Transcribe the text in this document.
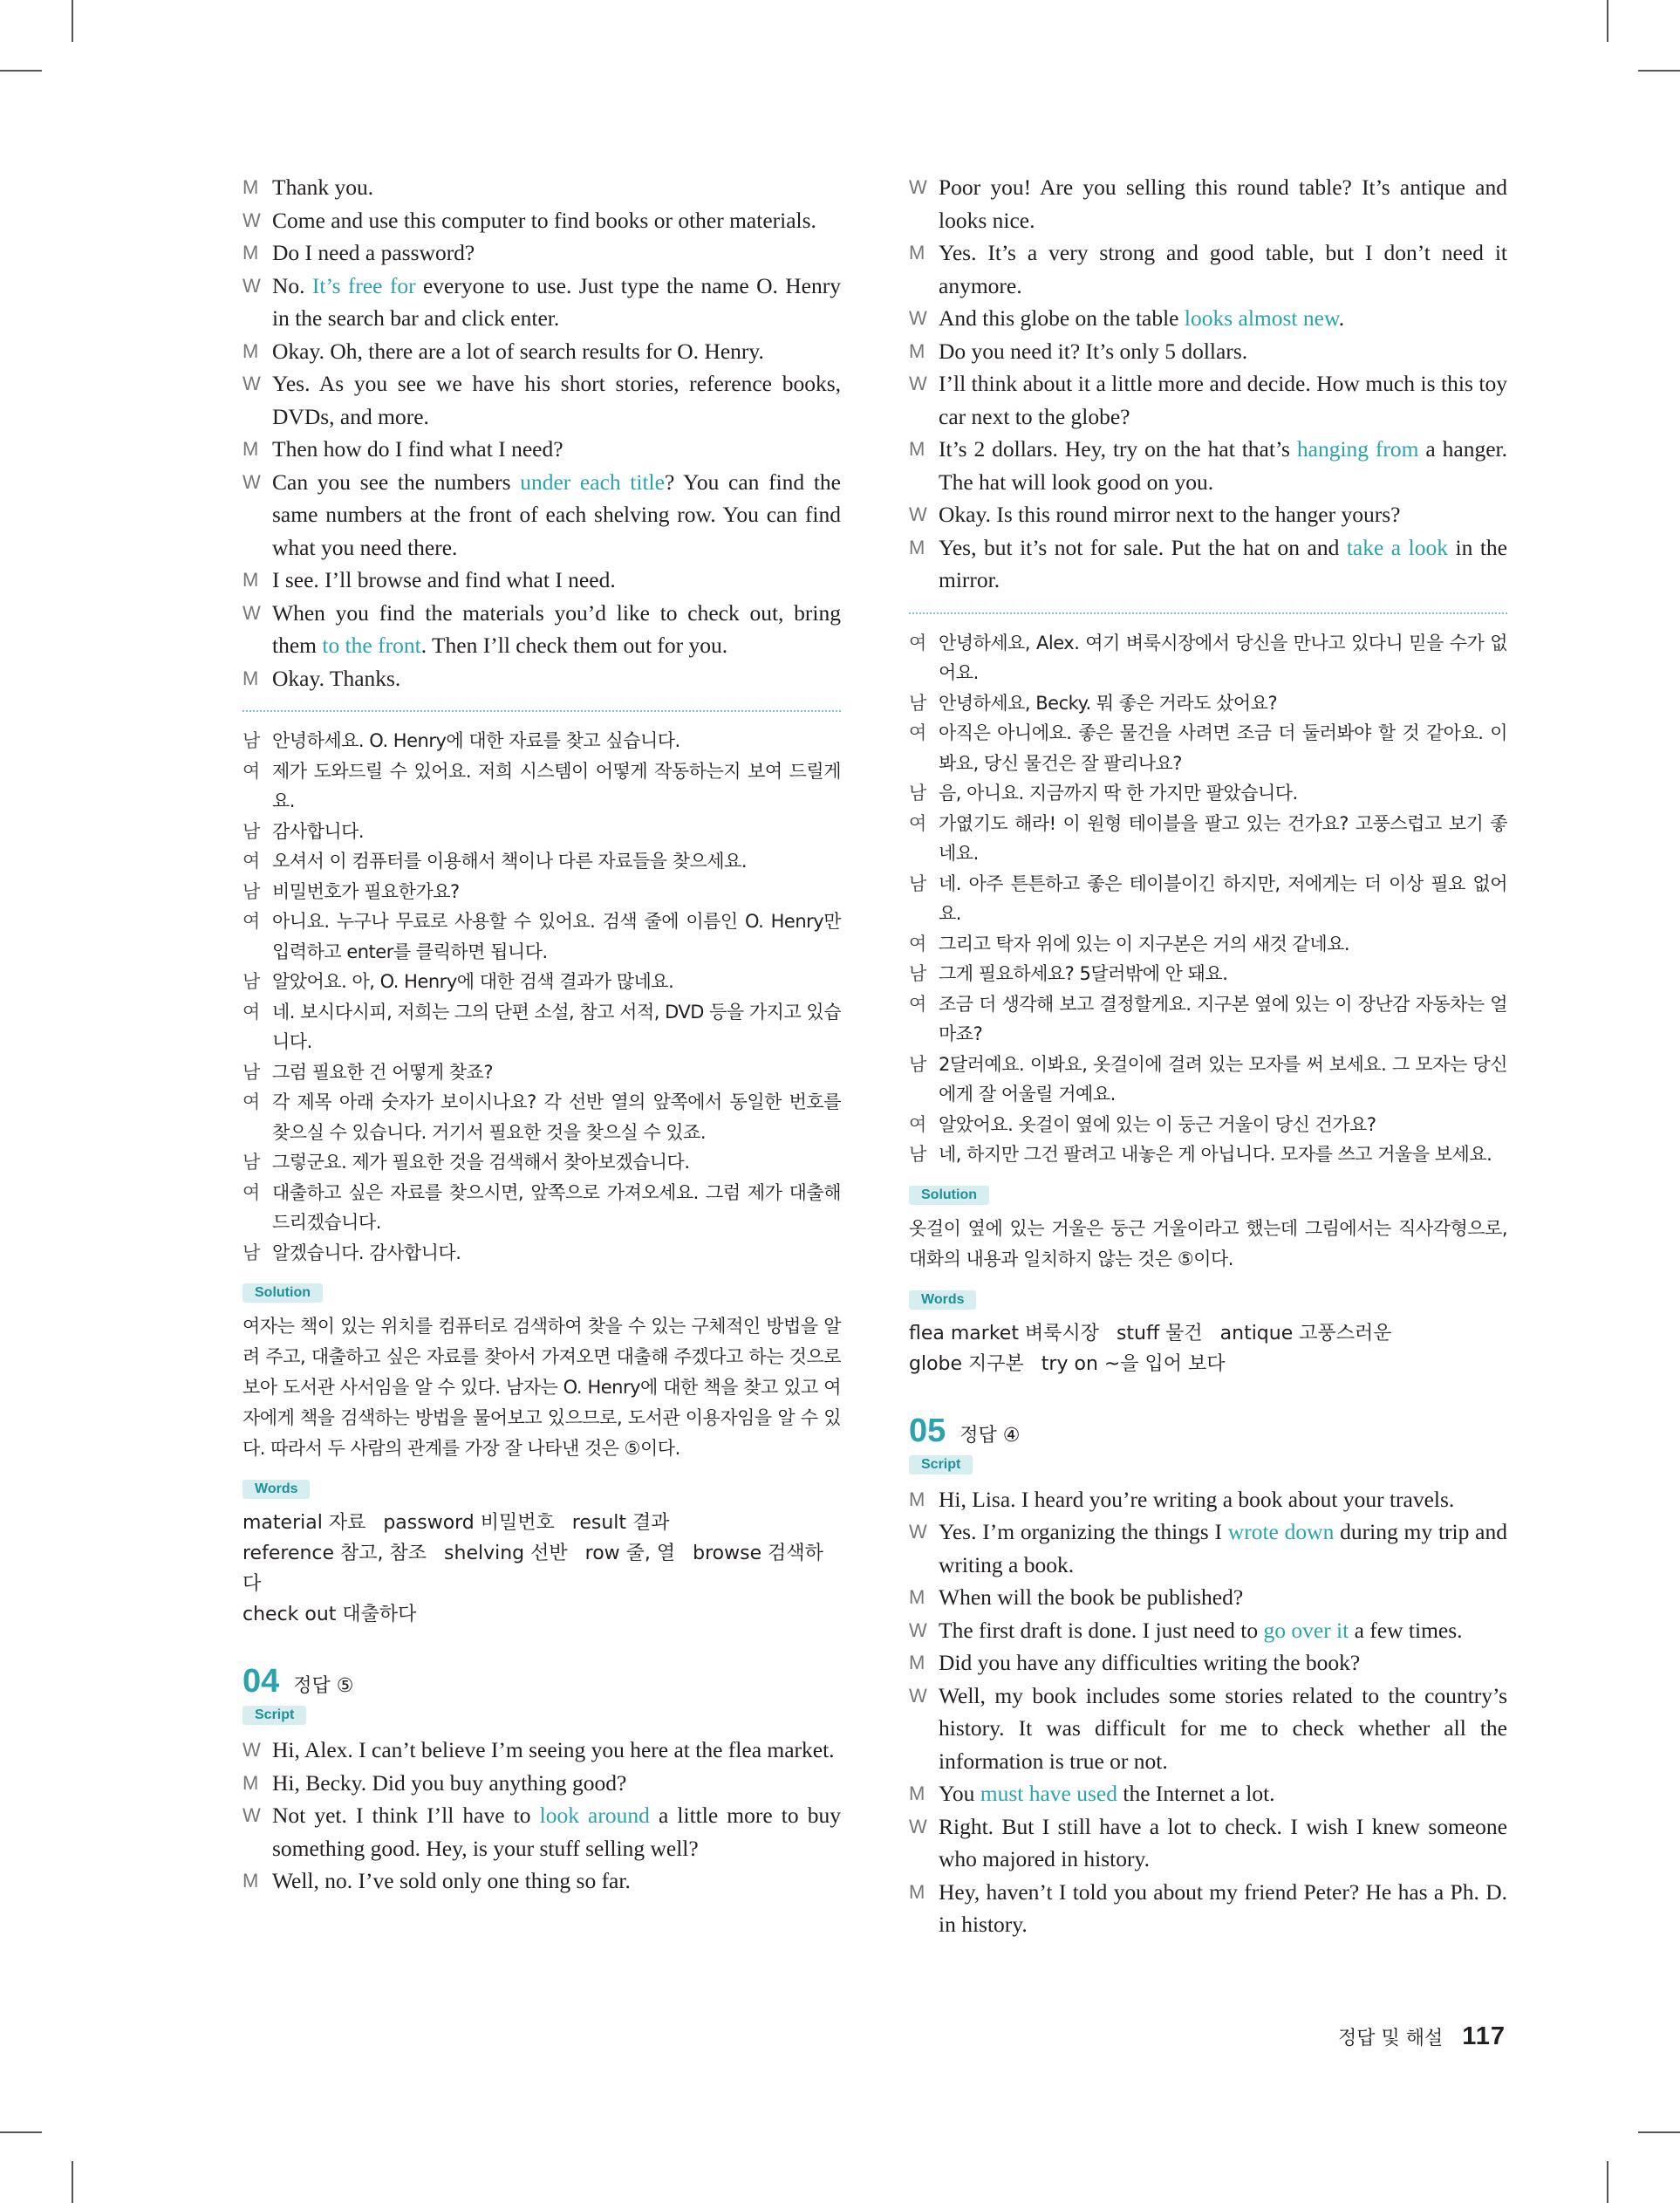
M Thank you.

W Come and use this computer to find books or other materials.

M Do I need a password?

W No. It’s free for everyone to use. Just type the name O. Henry in the search bar and click enter.

M Okay. Oh, there are a lot of search results for O. Henry.

W Yes. As you see we have his short stories, reference books, DVDs, and more.

M Then how do I find what I need?

W Can you see the numbers under each title? You can find the same numbers at the front of each shelving row. You can find what you need there.

M I see. I’ll browse and find what I need.

W When you find the materials you’d like to check out, bring them to the front. Then I’ll check them out for you.

M Okay. Thanks.

남 안녕하세요. O. Henry에 대한 자료를 찾고 싶습니다.

여 제가 도와드릴 수 있어요. 저희 시스템이 어떻게 작동하는지 보여 드릴게요.

남 감사합니다.

여 오셔서 이 컴퓨터를 이용해서 책이나 다른 자료들을 찾으세요.

남 비밀번호가 필요한가요?

여 아니요. 누구나 무료로 사용할 수 있어요. 검색 줄에 이름인 O. Henry만 입력하고 enter를 클릭하면 됩니다.

남 알았어요. 아, O. Henry에 대한 검색 결과가 많네요.

여 네. 보시다시피, 저희는 그의 단편 소설, 참고 서적, DVD 등을 가지고 있습니다.

남 그럼 필요한 건 어떻게 찾죠?

여 각 제목 아래 숫자가 보이시나요? 각 선반 열의 앞쪽에서 동일한 번호를 찾으실 수 있습니다. 거기서 필요한 것을 찾으실 수 있죠.

남 그렇군요. 제가 필요한 것을 검색해서 찾아보겠습니다.

여 대출하고 싶은 자료를 찾으시면, 앞쪽으로 가져오세요. 그럼 제가 대출해 드리겠습니다.

남 알겠습니다. 감사합니다.

Solution

여자는 책이 있는 위치를 컴퓨터로 검색하여 찾을 수 있는 구체적인 방법을 알려 주고, 대출하고 싶은 자료를 찾아서 가져오면 대출해 주겠다고 하는 것으로 보아 도서관 사서임을 알 수 있다. 남자는 O. Henry에 대한 책을 찾고 있고 여자에게 책을 검색하는 방법을 물어보고 있으므로, 도서관 이용자임을 알 수 있다. 따라서 두 사람의 관계를 가장 잘 나타낸 것은 ⑤이다.

Words

material 자료 password 비밀번호 result 결과

reference 참고, 참조 shelving 선반 row 줄, 열 browse 검색하다

check out 대출하다

04 정답 ⑤
Script

W Hi, Alex. I can’t believe I’m seeing you here at the flea market.

M Hi, Becky. Did you buy anything good?

W Not yet. I think I’ll have to look around a little more to buy something good. Hey, is your stuff selling well?

M Well, no. I’ve sold only one thing so far.

W Poor you! Are you selling this round table? It’s antique and looks nice.

M Yes. It’s a very strong and good table, but I don’t need it anymore.

W And this globe on the table looks almost new.

M Do you need it? It’s only 5 dollars.

W I’ll think about it a little more and decide. How much is this toy car next to the globe?

M It’s 2 dollars. Hey, try on the hat that’s hanging from a hanger. The hat will look good on you.

W Okay. Is this round mirror next to the hanger yours?

M Yes, but it’s not for sale. Put the hat on and take a look in the mirror.

여 안녕하세요, Alex. 여기 벼룩시장에서 당신을 만나고 있다니 믿을 수가 없어요.

남 안녕하세요, Becky. 뭐 좋은 거라도 샀어요?

여 아직은 아니에요. 좋은 물건을 사려면 조금 더 둘러봐야 할 것 같아요. 이봐요, 당신 물건은 잘 팔리나요?

남 음, 아니요. 지금까지 딱 한 가지만 팔았습니다.

여 가엾기도 해라! 이 원형 테이블을 팔고 있는 건가요? 고풍스럽고 보기 좋네요.

남 네. 아주 튼튼하고 좋은 테이블이긴 하지만, 저에게는 더 이상 필요 없어요.

여 그리고 탁자 위에 있는 이 지구본은 거의 새것 같네요.

남 그게 필요하세요? 5달러밖에 안 돼요.

여 조금 더 생각해 보고 결정할게요. 지구본 옆에 있는 이 장난감 자동차는 얼마죠?

남 2달러예요. 이봐요, 옷걸이에 걸려 있는 모자를 써 보세요. 그 모자는 당신에게 잘 어울릴 거예요.

여 알았어요. 옷걸이 옆에 있는 이 둥근 거울이 당신 건가요?

남 네, 하지만 그건 팔려고 내놓은 게 아닙니다. 모자를 쓰고 거울을 보세요.

Solution

옷걸이 옆에 있는 거울은 둥근 거울이라고 했는데 그림에서는 직사각형으로, 대화의 내용과 일치하지 않는 것은 ⑤이다.

Words

flea market 벼룩시장 stuff 물건 antique 고풍스러운

globe 지구본 try on ~을 입어 보다

05 정답 ④
Script

M Hi, Lisa. I heard you’re writing a book about your travels.

W Yes. I’m organizing the things I wrote down during my trip and writing a book.

M When will the book be published?

W The first draft is done. I just need to go over it a few times.

M Did you have any difficulties writing the book?

W Well, my book includes some stories related to the country’s history. It was difficult for me to check whether all the information is true or not.

M You must have used the Internet a lot.

W Right. But I still have a lot to check. I wish I knew someone who majored in history.

M Hey, haven’t I told you about my friend Peter? He has a Ph. D. in history.

정답 및 해설 117
